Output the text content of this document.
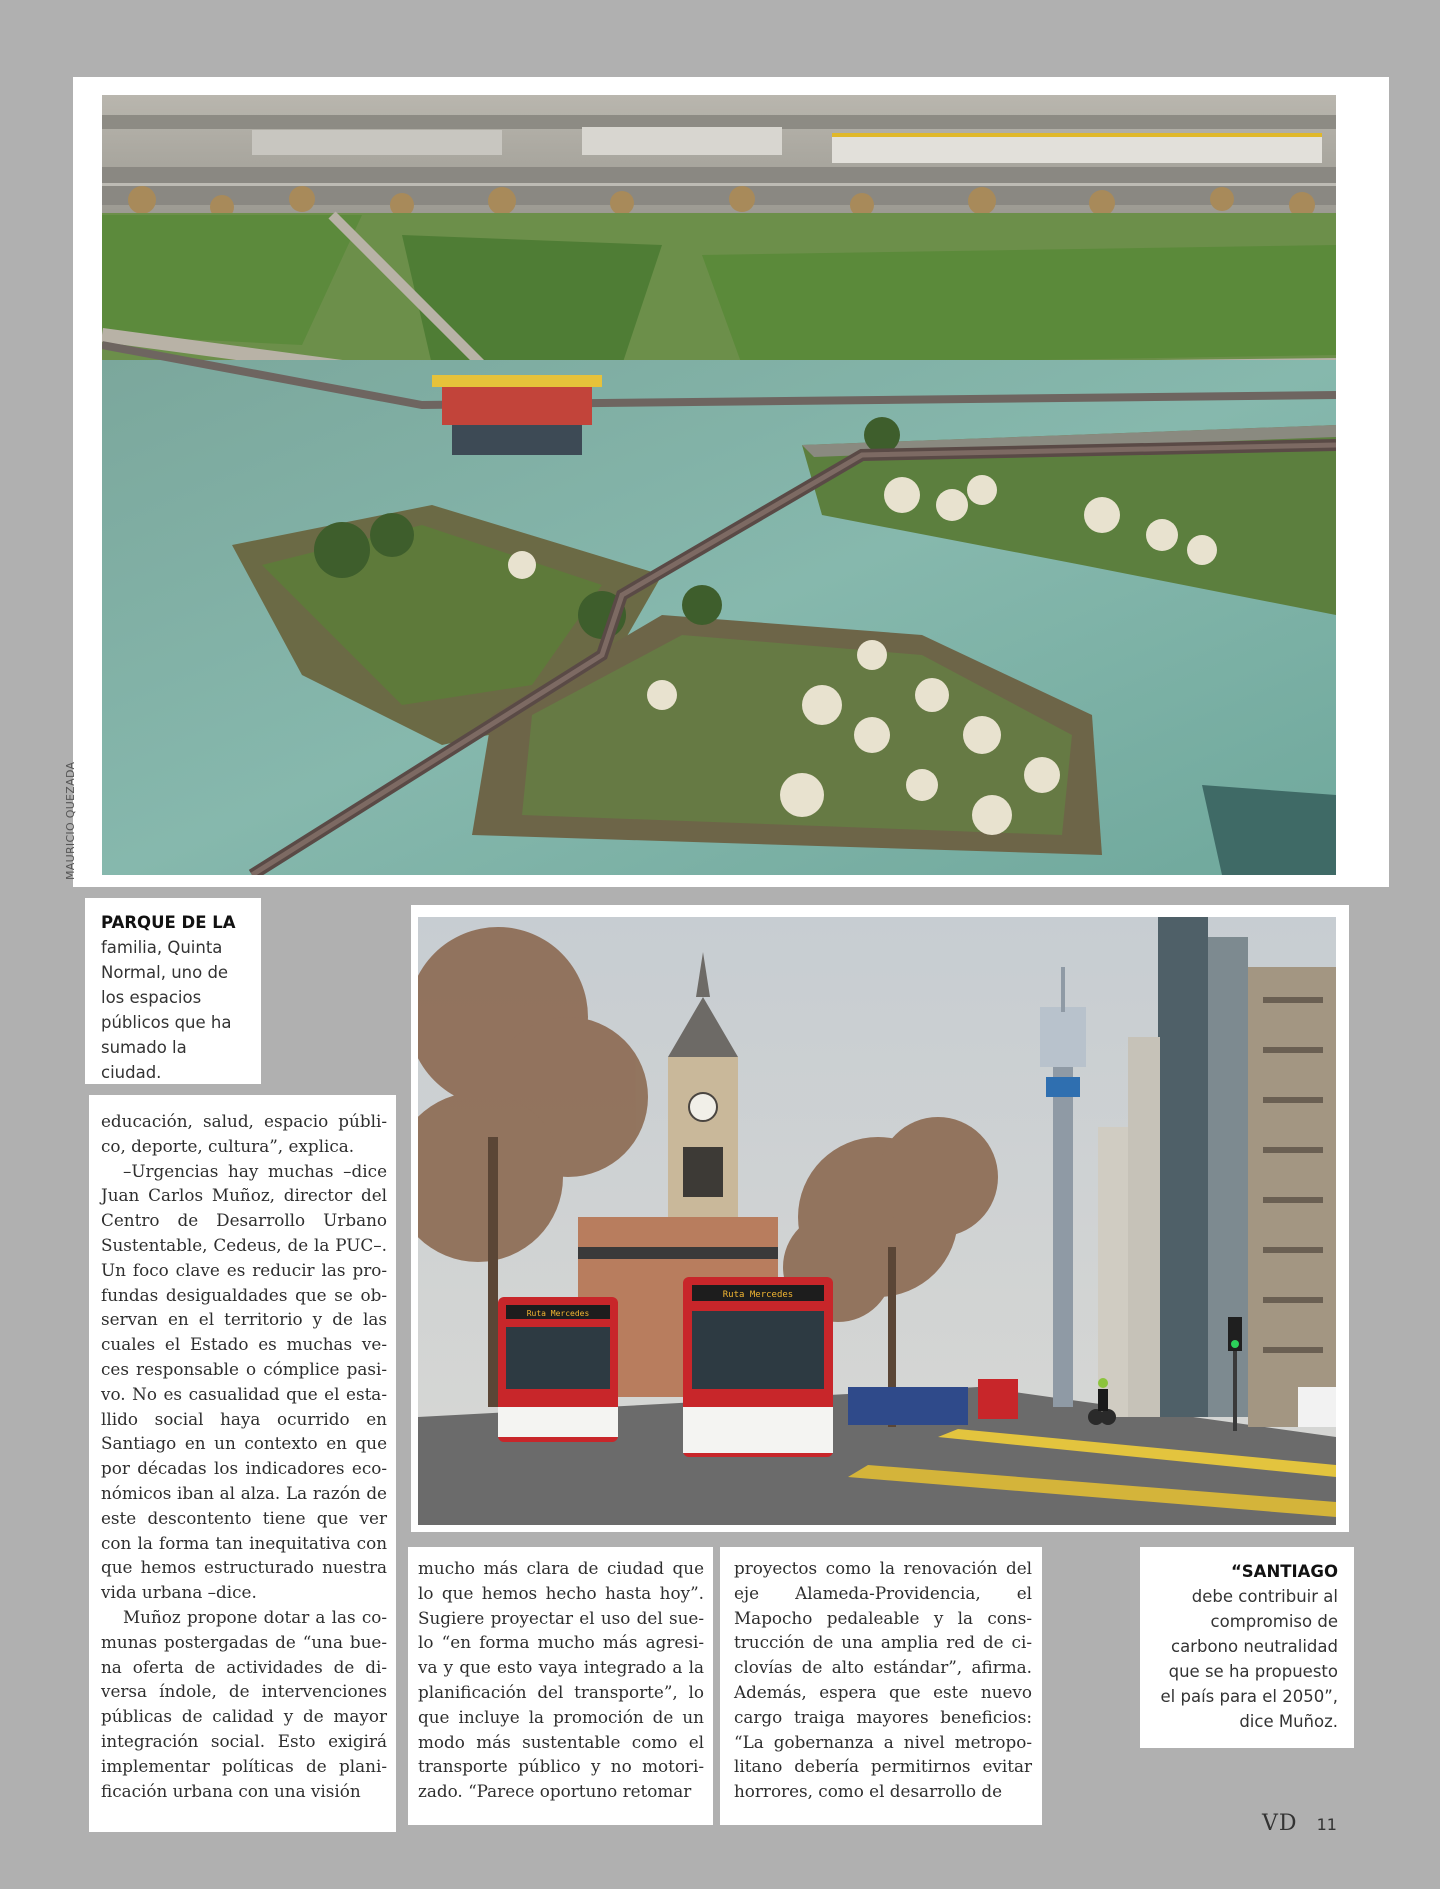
MAURICIO QUEZADA
PARQUE DE LA familia, Quinta Normal, uno de los espacios públicos que ha sumado la ciudad.
Ruta Mercedes
Ruta Mercedes

educación, salud, espacio públi-co, deporte, cultura”, explica.

–Urgencias hay muchas –dice Juan Carlos Muñoz, director del Centro de Desarrollo Urbano Sustentable, Cedeus, de la PUC–. Un foco clave es reducir las pro-fundas desigualdades que se ob-servan en el territorio y de las cuales el Estado es muchas ve-ces responsable o cómplice pasi-vo. No es casualidad que el esta-llido social haya ocurrido en Santiago en un contexto en que por décadas los indicadores eco-nómicos iban al alza. La razón de este descontento tiene que ver con la forma tan inequitativa con que hemos estructurado nuestra vida urbana –dice.

Muñoz propone dotar a las co-munas postergadas de “una bue-na oferta de actividades de di-versa índole, de intervenciones públicas de calidad y de mayor integración social. Esto exigirá implementar políticas de plani-ficación urbana con una visión

mucho más clara de ciudad que lo que hemos hecho hasta hoy”. Sugiere proyectar el uso del sue-lo “en forma mucho más agresi-va y que esto vaya integrado a la planificación del transporte”, lo que incluye la promoción de un modo más sustentable como el transporte público y no motori-zado. “Parece oportuno retomar

proyectos como la renovación del eje Alameda-Providencia, el Mapocho pedaleable y la cons-trucción de una amplia red de ci-clovías de alto estándar”, afirma. Además, espera que este nuevo cargo traiga mayores beneficios: “La gobernanza a nivel metropo-litano debería permitirnos evitar horrores, como el desarrollo de

“SANTIAGO
debe contribuir al compromiso de carbono neutralidad que se ha propuesto el país para el 2050”, dice Muñoz.
VD 11
